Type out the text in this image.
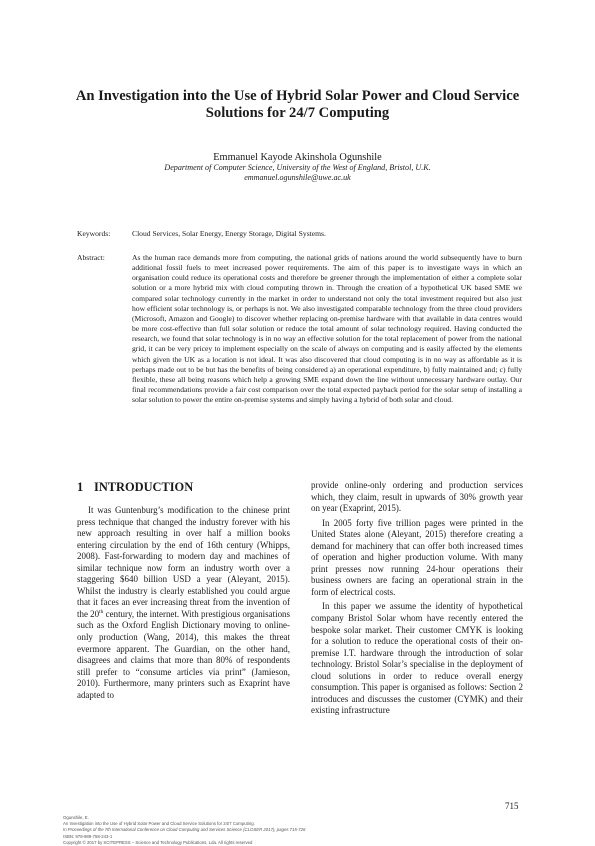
An Investigation into the Use of Hybrid Solar Power and Cloud Service Solutions for 24/7 Computing
Emmanuel Kayode Akinshola Ogunshile
Department of Computer Science, University of the West of England, Bristol, U.K.
emmanuel.ogunshile@uwe.ac.uk
Keywords:	Cloud Services, Solar Energy, Energy Storage, Digital Systems.
Abstract:	As the human race demands more from computing, the national grids of nations around the world subsequently have to burn additional fossil fuels to meet increased power requirements. The aim of this paper is to investigate ways in which an organisation could reduce its operational costs and therefore be greener through the implementation of either a complete solar solution or a more hybrid mix with cloud computing thrown in. Through the creation of a hypothetical UK based SME we compared solar technology currently in the market in order to understand not only the total investment required but also just how efficient solar technology is, or perhaps is not. We also investigated comparable technology from the three cloud providers (Microsoft, Amazon and Google) to discover whether replacing on-premise hardware with that available in data centres would be more cost-effective than full solar solution or reduce the total amount of solar technology required. Having conducted the research, we found that solar technology is in no way an effective solution for the total replacement of power from the national grid, it can be very pricey to implement especially on the scale of always on computing and is easily affected by the elements which given the UK as a location is not ideal. It was also discovered that cloud computing is in no way as affordable as it is perhaps made out to be but has the benefits of being considered a) an operational expenditure, b) fully maintained and; c) fully flexible, these all being reasons which help a growing SME expand down the line without unnecessary hardware outlay. Our final recommendations provide a fair cost comparison over the total expected payback period for the solar setup of installing a solar solution to power the entire on-premise systems and simply having a hybrid of both solar and cloud.
1 INTRODUCTION

It was Guntenburg’s modification to the chinese print press technique that changed the industry forever with his new approach resulting in over half a million books entering circulation by the end of 16th century (Whipps, 2008). Fast-forwarding to modern day and machines of similar technique now form an industry worth over a staggering $640 billion USD a year (Aleyant, 2015). Whilst the industry is clearly established you could argue that it faces an ever increasing threat from the invention of the 20th century, the internet. With prestigious organisations such as the Oxford English Dictionary moving to online-only production (Wang, 2014), this makes the threat evermore apparent. The Guardian, on the other hand, disagrees and claims that more than 80% of respondents still prefer to “consume articles via print” (Jamieson, 2010). Furthermore, many printers such as Exaprint have adapted to

provide online-only ordering and production services which, they claim, result in upwards of 30% growth year on year (Exaprint, 2015).

In 2005 forty five trillion pages were printed in the United States alone (Aleyant, 2015) therefore creating a demand for machinery that can offer both increased times of operation and higher production volume. With many print presses now running 24-hour operations their business owners are facing an operational strain in the form of electrical costs.

In this paper we assume the identity of hypothetical company Bristol Solar whom have recently entered the bespoke solar market. Their customer CMYK is looking for a solution to reduce the operational costs of their on-premise I.T. hardware through the introduction of solar technology. Bristol Solar’s specialise in the deployment of cloud solutions in order to reduce overall energy consumption. This paper is organised as follows: Section 2 introduces and discusses the customer (CYMK) and their existing infrastructure

715
Ogunshile, E.
An Investigation into the Use of Hybrid Solar Power and Cloud Service Solutions for 24/7 Computing.
In Proceedings of the 7th International Conference on Cloud Computing and Services Science (CLOSER 2017), pages 715-726
ISBN: 978-989-758-243-1
Copyright © 2017 by SCITEPRESS – Science and Technology Publications, Lda. All rights reserved
